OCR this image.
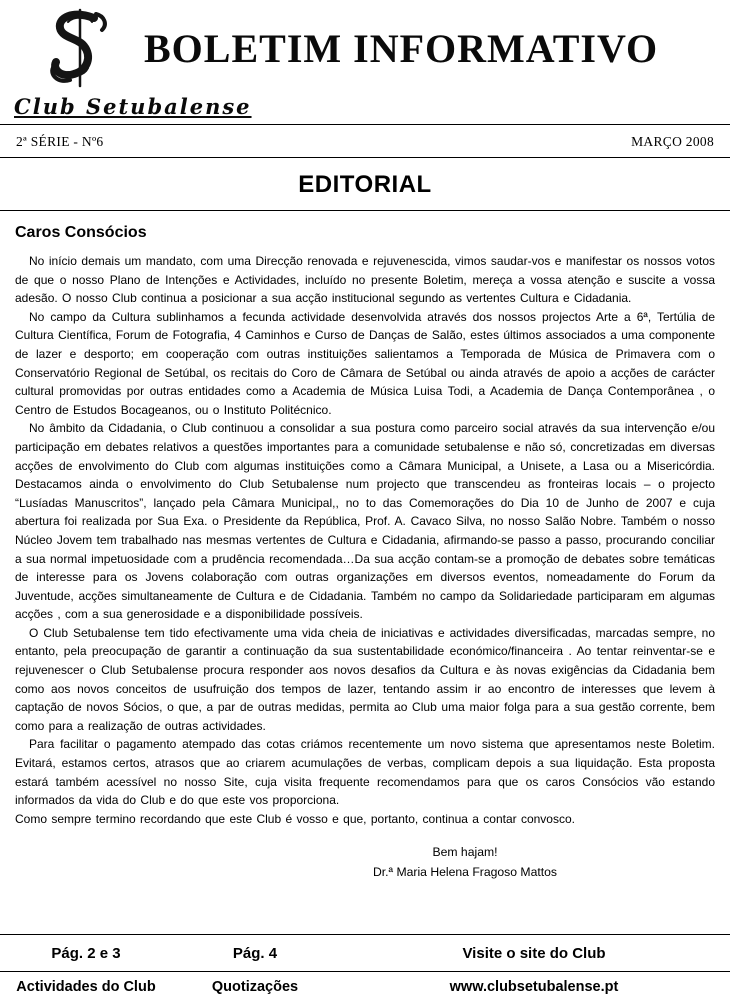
BOLETIM INFORMATIVO
Club Setubalense
2ª SÉRIE - Nº6	MARÇO 2008
EDITORIAL
Caros Consócios

No início demais um mandato, com uma Direcção renovada e rejuvenescida, vimos saudar-vos e manifestar os nossos votos de que o nosso Plano de Intenções e Actividades, incluído no presente Boletim, mereça a vossa atenção e suscite a vossa adesão. O nosso Club continua a posicionar a sua acção institucional segundo as vertentes Cultura e Cidadania.

No campo da Cultura sublinhamos a fecunda actividade desenvolvida através dos nossos projectos Arte a 6ª, Tertúlia de Cultura Científica, Forum de Fotografia, 4 Caminhos e Curso de Danças de Salão, estes últimos associados a uma componente de lazer e desporto; em cooperação com outras instituições salientamos a Temporada de Música de Primavera com o Conservatório Regional de Setúbal, os recitais do Coro de Câmara de Setúbal ou ainda através de apoio a acções de carácter cultural promovidas por outras entidades como a Academia de Música Luisa Todi, a Academia de Dança Contemporânea , o Centro de Estudos Bocageanos, ou o Instituto Politécnico.

No âmbito da Cidadania, o Club continuou a consolidar a sua postura como parceiro social através da sua intervenção e/ou participação em debates relativos a questões importantes para a comunidade setubalense e não só, concretizadas em diversas acções de envolvimento do Club com algumas instituições como a Câmara Municipal, a Unisete, a Lasa ou a Misericórdia. Destacamos ainda o envolvimento do Club Setubalense num projecto que transcendeu as fronteiras locais – o projecto “Lusíadas Manuscritos”, lançado pela Câmara Municipal,, no to das Comemorações do Dia 10 de Junho de 2007 e cuja abertura foi realizada por Sua Exa. o Presidente da República, Prof. A. Cavaco Silva, no nosso Salão Nobre. Também o nosso Núcleo Jovem tem trabalhado nas mesmas vertentes de Cultura e Cidadania, afirmando-se passo a passo, procurando conciliar a sua normal impetuosidade com a prudência recomendada…Da sua acção contam-se a promoção de debates sobre temáticas de interesse para os Jovens colaboração com outras organizações em diversos eventos, nomeadamente do Forum da Juventude, acções simultaneamente de Cultura e de Cidadania. Também no campo da Solidariedade participaram em algumas acções , com a sua generosidade e a disponibilidade possíveis.

O Club Setubalense tem tido efectivamente uma vida cheia de iniciativas e actividades diversificadas, marcadas sempre, no entanto, pela preocupação de garantir a continuação da sua sustentabilidade económico/financeira . Ao tentar reinventar-se e rejuvenescer o Club Setubalense procura responder aos novos desafios da Cultura e às novas exigências da Cidadania bem como aos novos conceitos de usufruição dos tempos de lazer, tentando assim ir ao encontro de interesses que levem à captação de novos Sócios, o que, a par de outras medidas, permita ao Club uma maior folga para a sua gestão corrente, bem como para a realização de outras actividades.

Para facilitar o pagamento atempado das cotas criámos recentemente um novo sistema que apresentamos neste Boletim. Evitará, estamos certos, atrasos que ao criarem acumulações de verbas, complicam depois a sua liquidação. Esta proposta estará também acessível no nosso Site, cuja visita frequente recomendamos para que os caros Consócios vão estando informados da vida do Club e do que este vos proporciona.

Como sempre termino recordando que este Club é vosso e que, portanto, continua a contar convosco.

Bem hajam!
Dr.ª Maria Helena Fragoso Mattos
Pág. 2 e 3	Pág. 4	Visite o site do Club
Actividades do Club	Quotizações	www.clubsetubalense.pt
